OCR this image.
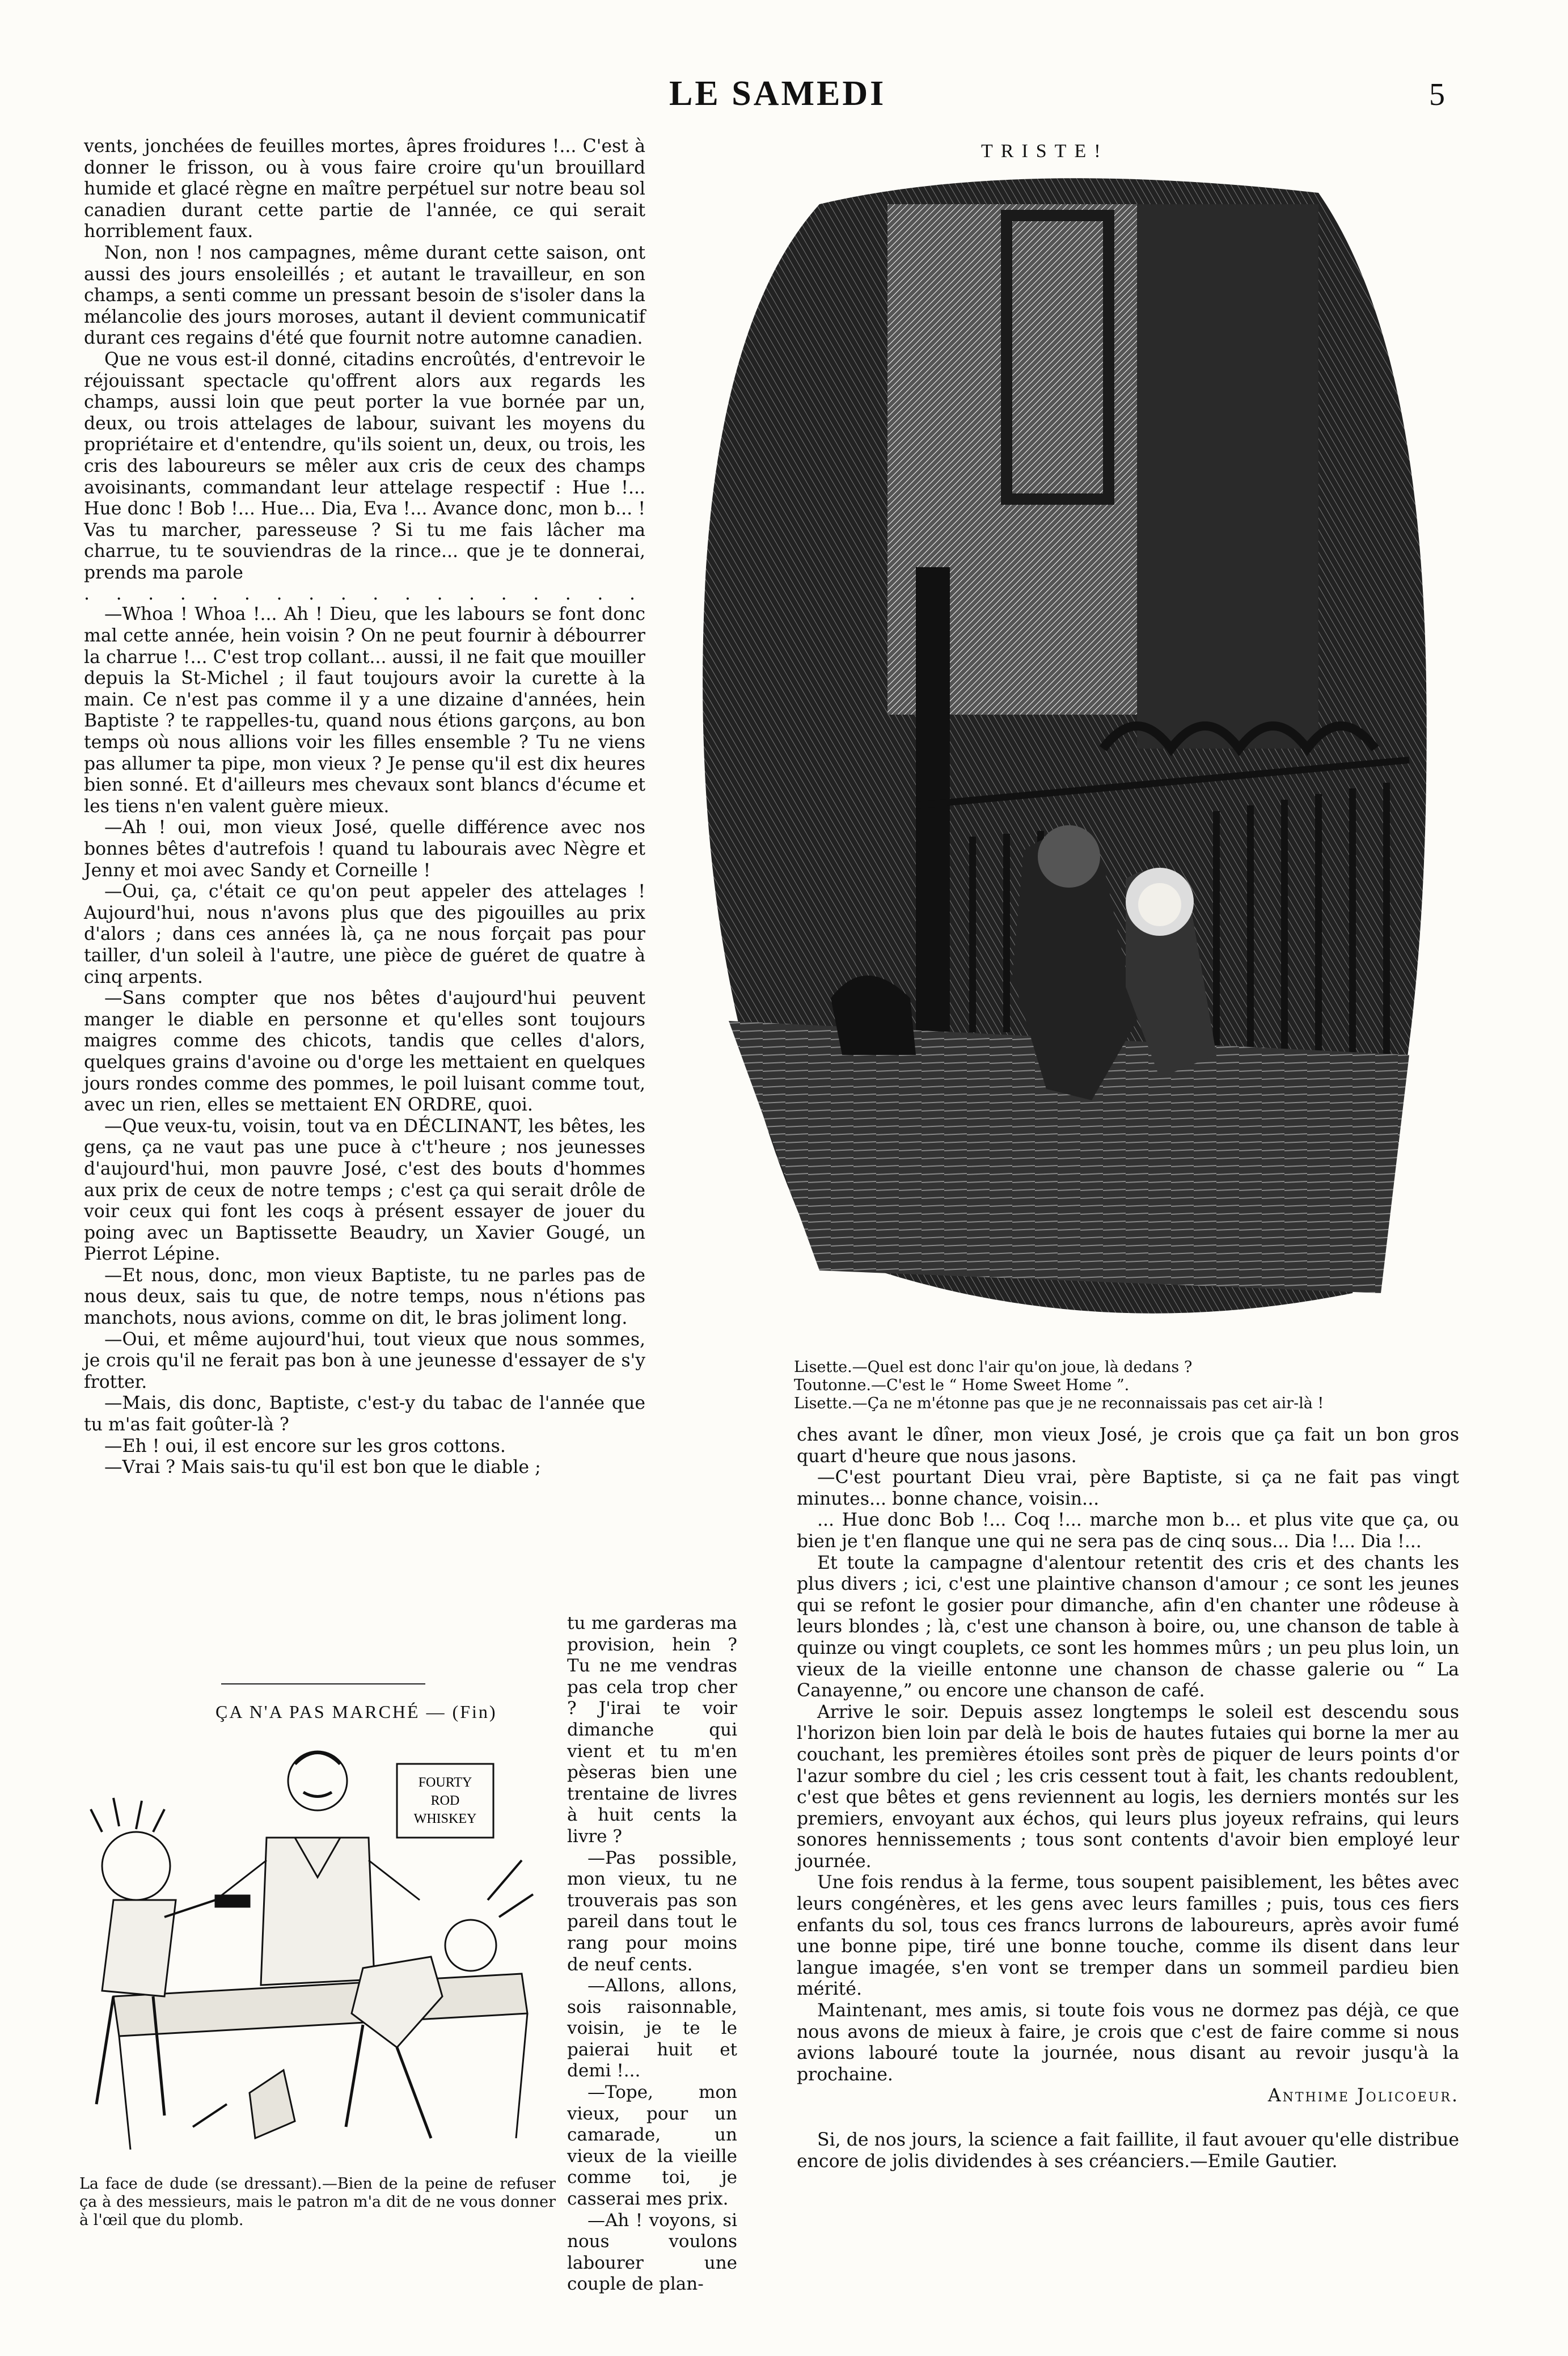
LE SAMEDI	5

vents, jonchées de feuilles mortes, âpres froidures !... C'est à donner le frisson, ou à vous faire croire qu'un brouillard humide et glacé règne en maître perpétuel sur notre beau sol canadien durant cette partie de l'année, ce qui serait horriblement faux.

Non, non ! nos campagnes, même durant cette saison, ont aussi des jours ensoleillés ; et autant le travailleur, en son champs, a senti comme un pressant besoin de s'isoler dans la mélancolie des jours moroses, autant il devient communicatif durant ces regains d'été que fournit notre automne canadien.

Que ne vous est-il donné, citadins encroûtés, d'entrevoir le réjouissant spectacle qu'offrent alors aux regards les champs, aussi loin que peut porter la vue bornée par un, deux, ou trois attelages de labour, suivant les moyens du propriétaire et d'entendre, qu'ils soient un, deux, ou trois, les cris des laboureurs se mêler aux cris de ceux des champs avoisinants, commandant leur attelage respectif : Hue !... Hue donc ! Bob !... Hue... Dia, Eva !... Avance donc, mon b... ! Vas tu marcher, paresseuse ? Si tu me fais lâcher ma charrue, tu te souviendras de la rince... que je te donnerai, prends ma parole

. . . . . . . . . . . . . . . . . .

—Whoa ! Whoa !... Ah ! Dieu, que les labours se font donc mal cette année, hein voisin ? On ne peut fournir à débourrer la charrue !... C'est trop collant... aussi, il ne fait que mouiller depuis la St-Michel ; il faut toujours avoir la curette à la main. Ce n'est pas comme il y a une dizaine d'années, hein Baptiste ? te rappelles-tu, quand nous étions garçons, au bon temps où nous allions voir les filles ensemble ? Tu ne viens pas allumer ta pipe, mon vieux ? Je pense qu'il est dix heures bien sonné. Et d'ailleurs mes chevaux sont blancs d'écume et les tiens n'en valent guère mieux.

—Ah ! oui, mon vieux José, quelle différence avec nos bonnes bêtes d'autrefois ! quand tu labourais avec Nègre et Jenny et moi avec Sandy et Corneille !

—Oui, ça, c'était ce qu'on peut appeler des attelages ! Aujourd'hui, nous n'avons plus que des pigouilles au prix d'alors ; dans ces années là, ça ne nous forçait pas pour tailler, d'un soleil à l'autre, une pièce de guéret de quatre à cinq arpents.

—Sans compter que nos bêtes d'aujourd'hui peuvent manger le diable en personne et qu'elles sont toujours maigres comme des chicots, tandis que celles d'alors, quelques grains d'avoine ou d'orge les mettaient en quelques jours rondes comme des pommes, le poil luisant comme tout, avec un rien, elles se mettaient EN ORDRE, quoi.

—Que veux-tu, voisin, tout va en DÉCLINANT, les bêtes, les gens, ça ne vaut pas une puce à c't'heure ; nos jeunesses d'aujourd'hui, mon pauvre José, c'est des bouts d'hommes aux prix de ceux de notre temps ; c'est ça qui serait drôle de voir ceux qui font les coqs à présent essayer de jouer du poing avec un Baptissette Beaudry, un Xavier Gougé, un Pierrot Lépine.

—Et nous, donc, mon vieux Baptiste, tu ne parles pas de nous deux, sais tu que, de notre temps, nous n'étions pas manchots, nous avions, comme on dit, le bras joliment long.

—Oui, et même aujourd'hui, tout vieux que nous sommes, je crois qu'il ne ferait pas bon à une jeunesse d'essayer de s'y frotter.

—Mais, dis donc, Baptiste, c'est-y du tabac de l'année que tu m'as fait goûter-là ?

—Eh ! oui, il est encore sur les gros cottons.

—Vrai ? Mais sais-tu qu'il est bon que le diable ;

ÇA N'A PAS MARCHÉ — (Fin)
FOURTY
ROD
WHISKEY

La face de dude (se dressant).—Bien de la peine de refuser ça à des messieurs, mais le patron m'a dit de ne vous donner à l'œil que du plomb.

tu me garderas ma provision, hein ? Tu ne me vendras pas cela trop cher ? J'irai te voir dimanche qui vient et tu m'en pèseras bien une trentaine de livres à huit cents la livre ?

—Pas possible, mon vieux, tu ne trouverais pas son pareil dans tout le rang pour moins de neuf cents.

—Allons, allons, sois raisonnable, voisin, je te le paierai huit et demi !...

—Tope, mon vieux, pour un camarade, un vieux de la vieille comme toi, je casserai mes prix.

—Ah ! voyons, si nous voulons labourer une couple de plan-

TRISTE!

Lisette.—Quel est donc l'air qu'on joue, là dedans ?

Toutonne.—C'est le “ Home Sweet Home ”.

Lisette.—Ça ne m'étonne pas que je ne reconnaissais pas cet air-là !

ches avant le dîner, mon vieux José, je crois que ça fait un bon gros quart d'heure que nous jasons.

—C'est pourtant Dieu vrai, père Baptiste, si ça ne fait pas vingt minutes... bonne chance, voisin...

... Hue donc Bob !... Coq !... marche mon b... et plus vite que ça, ou bien je t'en flanque une qui ne sera pas de cinq sous... Dia !... Dia !...

Et toute la campagne d'alentour retentit des cris et des chants les plus divers ; ici, c'est une plaintive chanson d'amour ; ce sont les jeunes qui se refont le gosier pour dimanche, afin d'en chanter une rôdeuse à leurs blondes ; là, c'est une chanson à boire, ou, une chanson de table à quinze ou vingt couplets, ce sont les hommes mûrs ; un peu plus loin, un vieux de la vieille entonne une chanson de chasse galerie ou “ La Canayenne,” ou encore une chanson de café.

Arrive le soir. Depuis assez longtemps le soleil est descendu sous l'horizon bien loin par delà le bois de hautes futaies qui borne la mer au couchant, les premières étoiles sont près de piquer de leurs points d'or l'azur sombre du ciel ; les cris cessent tout à fait, les chants redoublent, c'est que bêtes et gens reviennent au logis, les derniers montés sur les premiers, envoyant aux échos, qui leurs plus joyeux refrains, qui leurs sonores hennissements ; tous sont contents d'avoir bien employé leur journée.

Une fois rendus à la ferme, tous soupent paisiblement, les bêtes avec leurs congénères, et les gens avec leurs familles ; puis, tous ces fiers enfants du sol, tous ces francs lurrons de laboureurs, après avoir fumé une bonne pipe, tiré une bonne touche, comme ils disent dans leur langue imagée, s'en vont se tremper dans un sommeil pardieu bien mérité.

Maintenant, mes amis, si toute fois vous ne dormez pas déjà, ce que nous avons de mieux à faire, je crois que c'est de faire comme si nous avions labouré toute la journée, nous disant au revoir jusqu'à la prochaine.

Anthime Jolicoeur.

Si, de nos jours, la science a fait faillite, il faut avouer qu'elle distribue encore de jolis dividendes à ses créanciers.—Emile Gautier.
